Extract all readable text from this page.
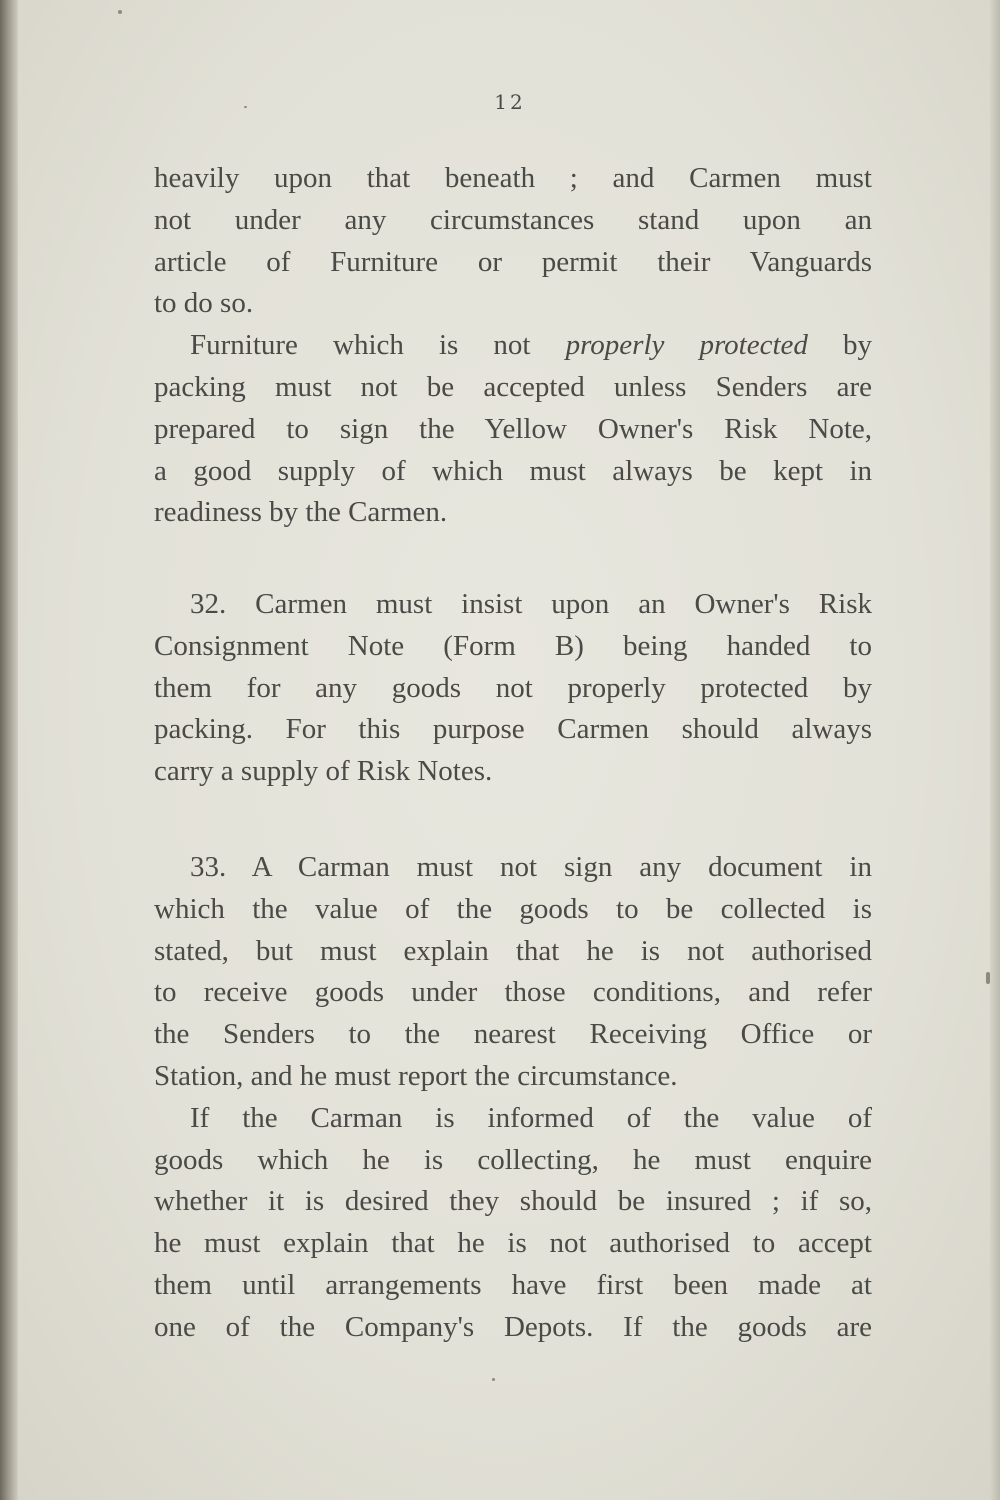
12
heavily upon that beneath ; and Carmen must
not under any circumstances stand upon an
article of Furniture or permit their Vanguards
to do so.
Furniture which is not properly protected by
packing must not be accepted unless Senders are
prepared to sign the Yellow Owner's Risk Note,
a good supply of which must always be kept in
readiness by the Carmen.
32. Carmen must insist upon an Owner's Risk
Consignment Note (Form B) being handed to
them for any goods not properly protected by
packing. For this purpose Carmen should always
carry a supply of Risk Notes.
33. A Carman must not sign any document in
which the value of the goods to be collected is
stated, but must explain that he is not authorised
to receive goods under those conditions, and refer
the Senders to the nearest Receiving Office or
Station, and he must report the circumstance.
If the Carman is informed of the value of
goods which he is collecting, he must enquire
whether it is desired they should be insured ; if so,
he must explain that he is not authorised to accept
them until arrangements have first been made at
one of the Company's Depots. If the goods are
